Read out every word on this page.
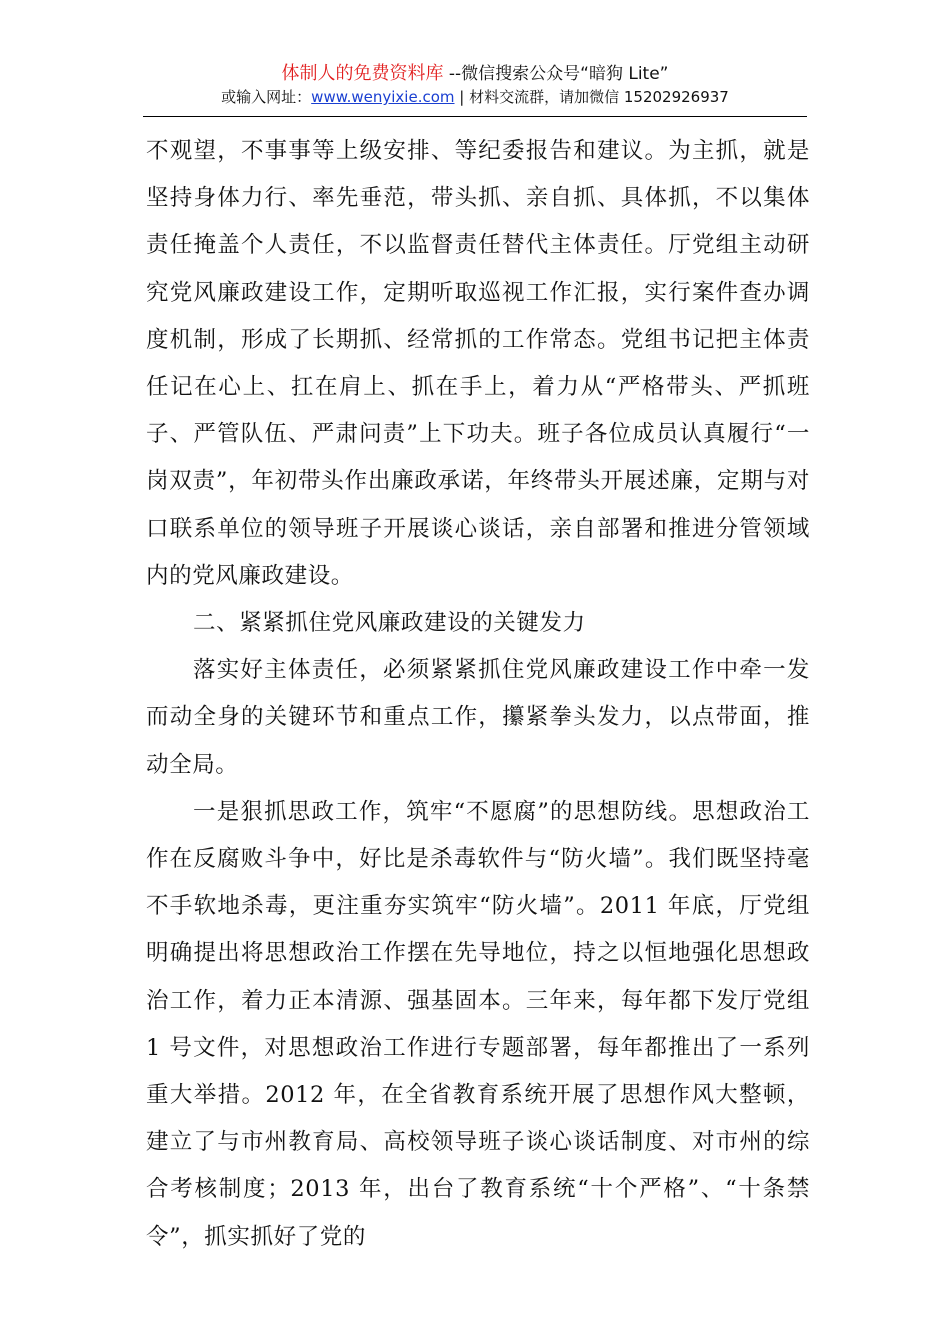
体制人的免费资料库 --微信搜索公众号“暗狗 Lite”
或输入网址：www.wenyixie.com | 材料交流群，请加微信 15202926937

不观望，不事事等上级安排、等纪委报告和建议。为主抓，就是坚持身体力行、率先垂范，带头抓、亲自抓、具体抓，不以集体责任掩盖个人责任，不以监督责任替代主体责任。厅党组主动研究党风廉政建设工作，定期听取巡视工作汇报，实行案件查办调度机制，形成了长期抓、经常抓的工作常态。党组书记把主体责任记在心上、扛在肩上、抓在手上，着力从“严格带头、严抓班子、严管队伍、严肃问责”上下功夫。班子各位成员认真履行“一岗双责”，年初带头作出廉政承诺，年终带头开展述廉，定期与对口联系单位的领导班子开展谈心谈话，亲自部署和推进分管领域内的党风廉政建设。

二、紧紧抓住党风廉政建设的关键发力

落实好主体责任，必须紧紧抓住党风廉政建设工作中牵一发而动全身的关键环节和重点工作，攥紧拳头发力，以点带面，推动全局。

一是狠抓思政工作，筑牢“不愿腐”的思想防线。思想政治工作在反腐败斗争中，好比是杀毒软件与“防火墙”。我们既坚持毫不手软地杀毒，更注重夯实筑牢“防火墙”。2011 年底，厅党组明确提出将思想政治工作摆在先导地位，持之以恒地强化思想政治工作，着力正本清源、强基固本。三年来，每年都下发厅党组 1 号文件，对思想政治工作进行专题部署，每年都推出了一系列重大举措。2012 年，在全省教育系统开展了思想作风大整顿，建立了与市州教育局、高校领导班子谈心谈话制度、对市州的综合考核制度；2013 年，出台了教育系统“十个严格”、“十条禁令”，抓实抓好了党的
